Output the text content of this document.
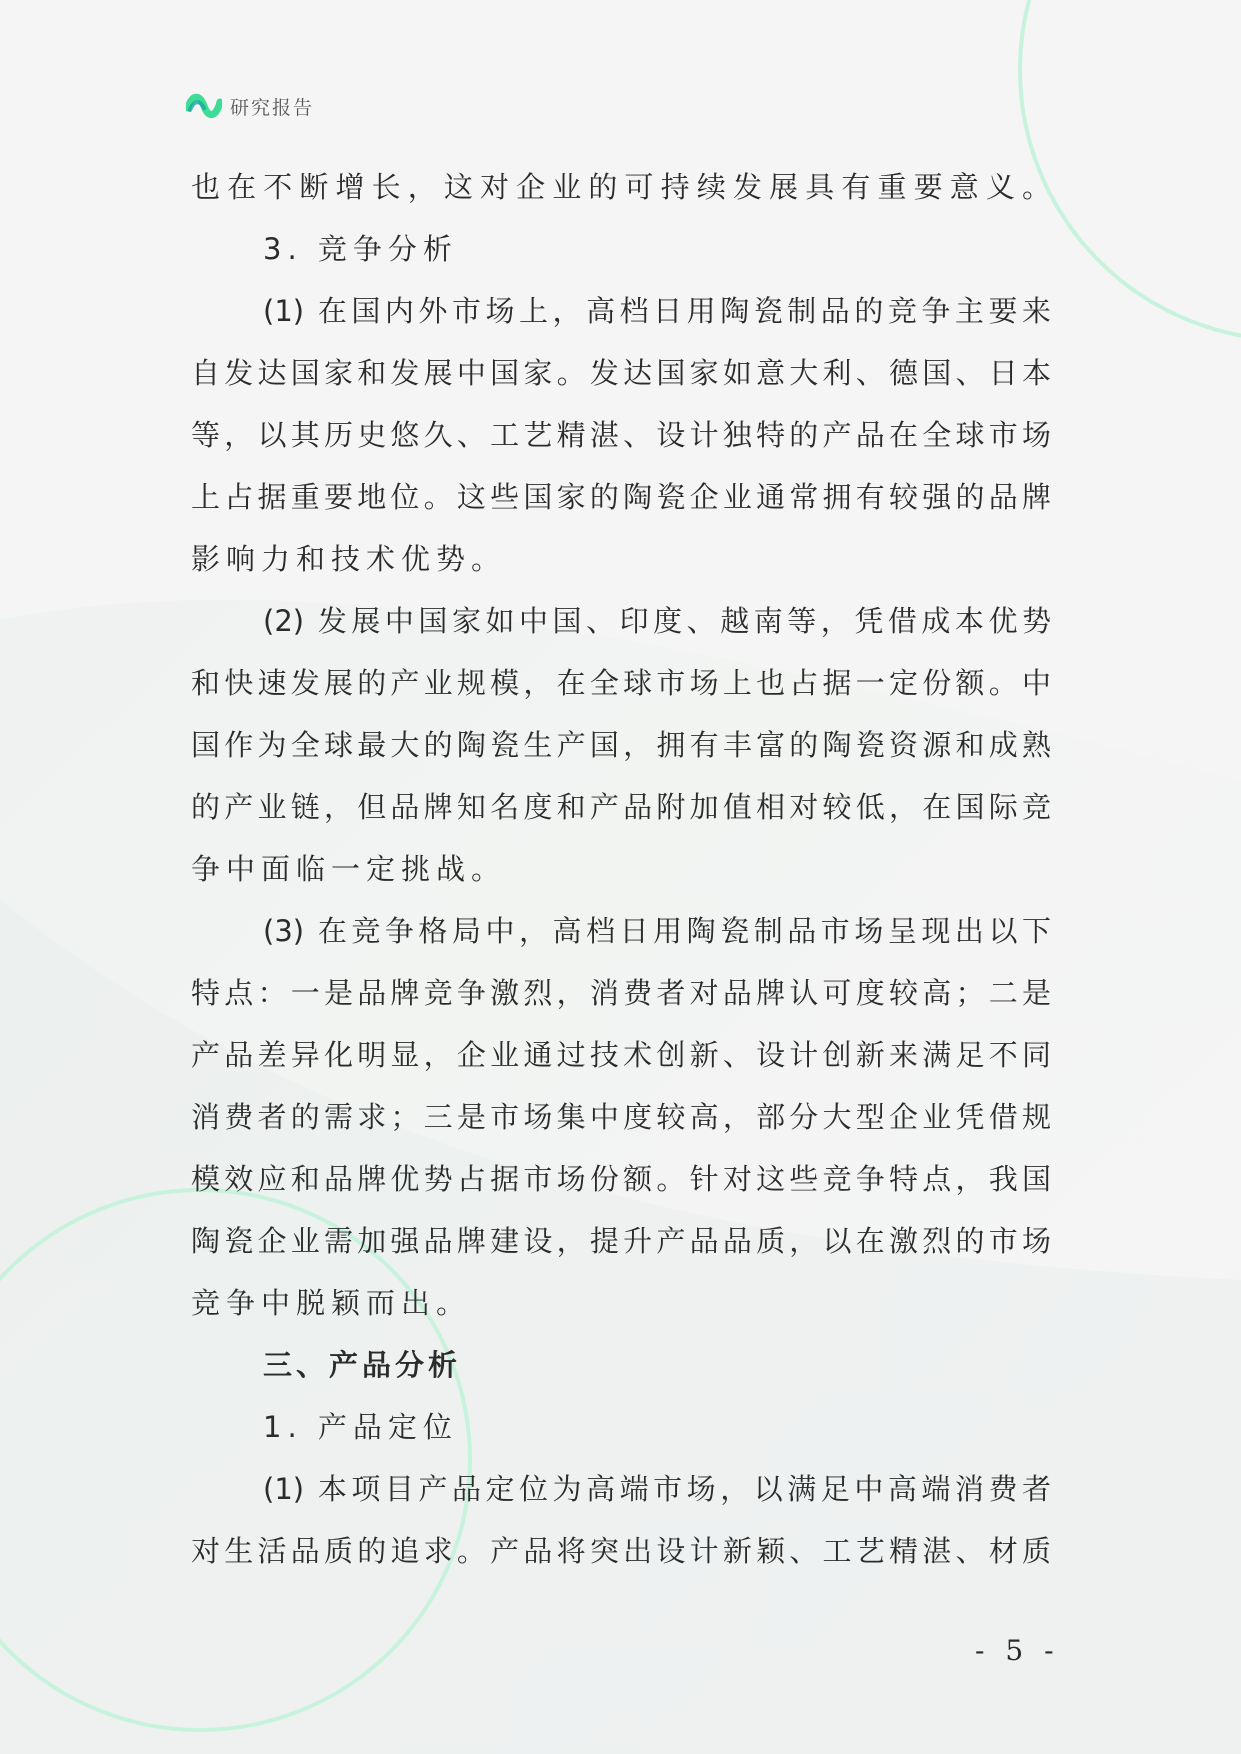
研究报告
也在不断增长，这对企业的可持续发展具有重要意义。
3. 竞争分析
(1) 在国内外市场上，高档日用陶瓷制品的竞争主要来
自发达国家和发展中国家。发达国家如意大利、德国、日本
等，以其历史悠久、工艺精湛、设计独特的产品在全球市场
上占据重要地位。这些国家的陶瓷企业通常拥有较强的品牌
影响力和技术优势。
(2) 发展中国家如中国、印度、越南等，凭借成本优势
和快速发展的产业规模，在全球市场上也占据一定份额。中
国作为全球最大的陶瓷生产国，拥有丰富的陶瓷资源和成熟
的产业链，但品牌知名度和产品附加值相对较低，在国际竞
争中面临一定挑战。
(3) 在竞争格局中，高档日用陶瓷制品市场呈现出以下
特点：一是品牌竞争激烈，消费者对品牌认可度较高；二是
产品差异化明显，企业通过技术创新、设计创新来满足不同
消费者的需求；三是市场集中度较高，部分大型企业凭借规
模效应和品牌优势占据市场份额。针对这些竞争特点，我国
陶瓷企业需加强品牌建设，提升产品品质，以在激烈的市场
竞争中脱颖而出。
三、产品分析
1. 产品定位
(1) 本项目产品定位为高端市场，以满足中高端消费者
对生活品质的追求。产品将突出设计新颖、工艺精湛、材质
- 5 -
